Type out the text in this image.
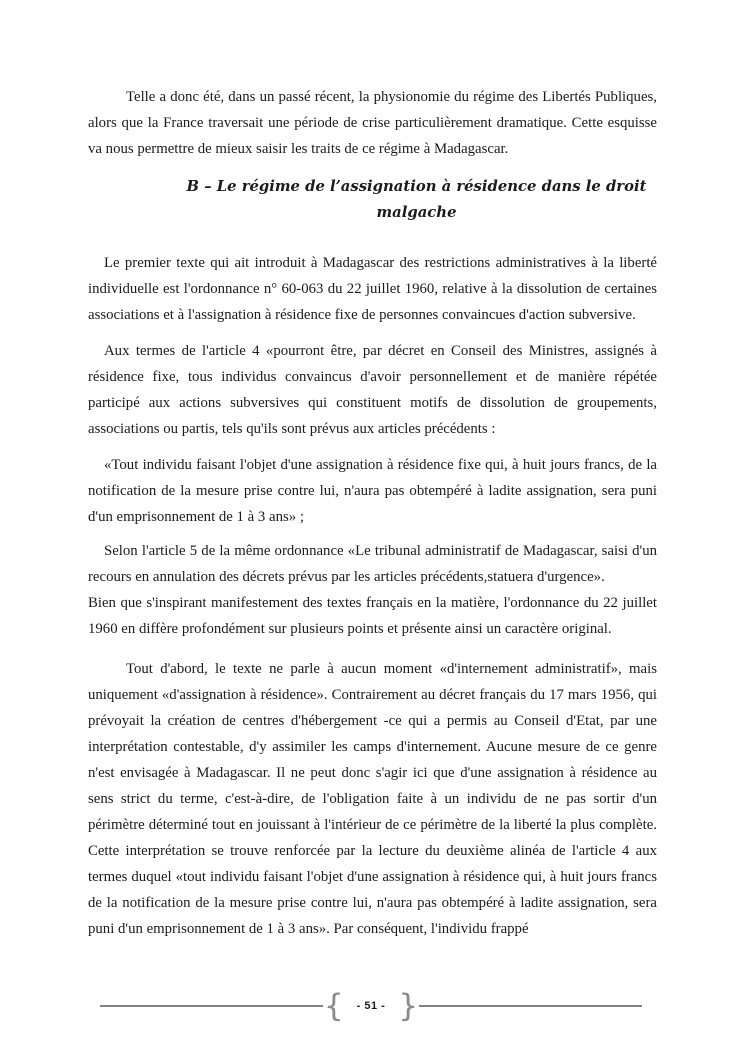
Telle a donc été, dans un passé récent, la physionomie du régime des Libertés Publiques, alors que la France traversait une période de crise particulièrement dramatique. Cette esquisse va nous permettre de mieux saisir les traits de ce régime à Madagascar.

B – Le régime de l’assignation à résidence dans le droit malgache

Le premier texte qui ait introduit à Madagascar des restrictions administratives à la liberté individuelle est l'ordonnance n° 60-063 du 22 juillet 1960, relative à la dissolution de certaines associations et à l'assignation à résidence fixe de personnes convaincues d'action subversive.

Aux termes de l'article 4 «pourront être, par décret en Conseil des Ministres, assignés à résidence fixe, tous individus convaincus d'avoir personnellement et de manière répétée participé aux actions subversives qui constituent motifs de dissolution de groupements, associations ou partis, tels qu'ils sont prévus aux articles précédents :

«Tout individu faisant l'objet d'une assignation à résidence fixe qui, à huit jours francs, de la notification de la mesure prise contre lui, n'aura pas obtempéré à ladite assignation, sera puni d'un emprisonnement de 1 à 3 ans» ;

Selon l'article 5 de la même ordonnance «Le tribunal administratif de Madagascar, saisi d'un recours en annulation des décrets prévus par les articles précédents,statuera d'urgence».

Bien que s'inspirant manifestement des textes français en la matière, l'ordonnance du 22 juillet 1960 en diffère profondément sur plusieurs points et présente ainsi un caractère original.

Tout d'abord, le texte ne parle à aucun moment «d'internement administratif», mais uniquement «d'assignation à résidence». Contrairement au décret français du 17 mars 1956, qui prévoyait la création de centres d'hébergement -ce qui a permis au Conseil d'Etat, par une interprétation contestable, d'y assimiler les camps d'internement. Aucune mesure de ce genre n'est envisagée à Madagascar. Il ne peut donc s'agir ici que d'une assignation à résidence au sens strict du terme, c'est-à-dire, de l'obligation faite à un individu de ne pas sortir d'un périmètre déterminé tout en jouissant à l'intérieur de ce périmètre de la liberté la plus complète. Cette interprétation se trouve renforcée par la lecture du deuxième alinéa de l'article 4 aux termes duquel «tout individu faisant l'objet d'une assignation à résidence qui, à huit jours francs de la notification de la mesure prise contre lui, n'aura pas obtempéré à ladite assignation, sera puni d'un emprisonnement de 1 à 3 ans». Par conséquent, l'individu frappé

{	- 51 - }
